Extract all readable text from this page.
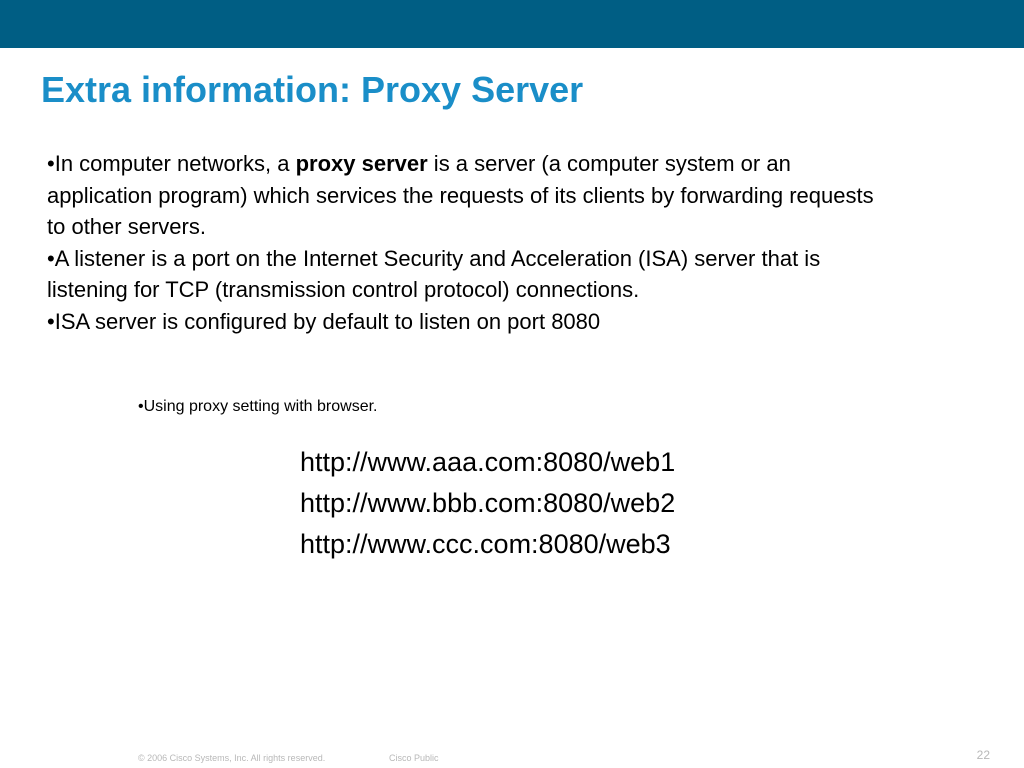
Extra information: Proxy Server

•In computer networks, a proxy server is a server (a computer system or an application program) which services the requests of its clients by forwarding requests to other servers.

•A listener is a port on the Internet Security and Acceleration (ISA) server that is listening for TCP (transmission control protocol) connections.

•ISA server is configured by default to listen on port 8080

•Using proxy setting with browser.
http://www.aaa.com:8080/web1
http://www.bbb.com:8080/web2
http://www.ccc.com:8080/web3
© 2006 Cisco Systems, Inc. All rights reserved.	Cisco Public	22
